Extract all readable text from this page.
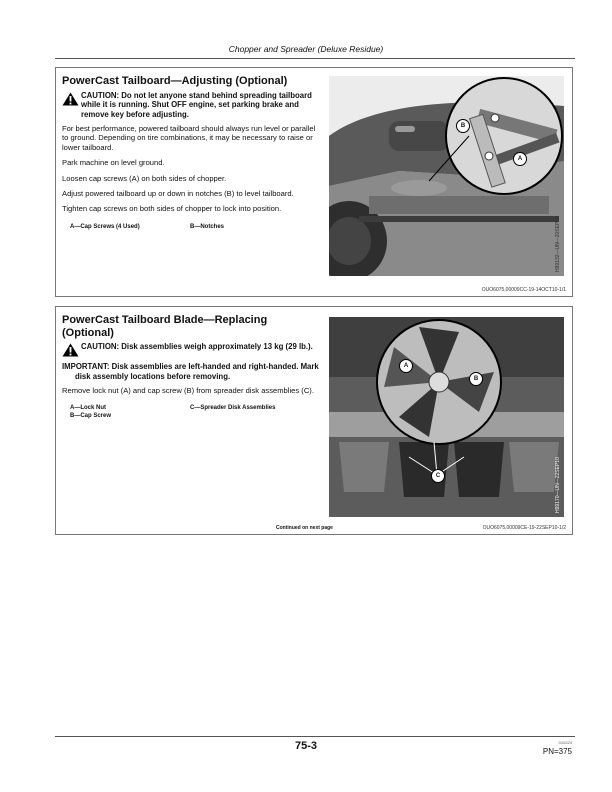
Chopper and Spreader (Deluxe Residue)
PowerCast Tailboard—Adjusting (Optional)
CAUTION: Do not let anyone stand behind spreading tailboard while it is running. Shut OFF engine, set parking brake and remove key before adjusting.

For best performance, powered tailboard should always run level or parallel to ground. Depending on tire combinations, it may be necessary to raise or lower tailboard.

Park machine on level ground.

Loosen cap screws (A) on both sides of chopper.

Adjust powered tailboard up or down in notches (B) to level tailboard.

Tighten cap screws on both sides of chopper to lock into position.

A—Cap Screws (4 Used)	B—Notches
B
A
H99132—UN—20SEP10
OUO6075,00009CC-19-14OCT10-1/1
PowerCast Tailboard Blade—Replacing (Optional)
CAUTION: Disk assemblies weigh approximately 13 kg (29 lb.).
IMPORTANT: Disk assemblies are left-handed and right-handed. Mark disk assembly locations before removing.

Remove lock nut (A) and cap screw (B) from spreader disk assemblies (C).

A—Lock Nut
B—Cap Screw
C—Spreader Disk Assemblies
A
B
C	H99170—UN—22SEP10
Continued on next page	OUO6075,00009CE-19-22SEP10-1/2
75-3	010224
PN=375
